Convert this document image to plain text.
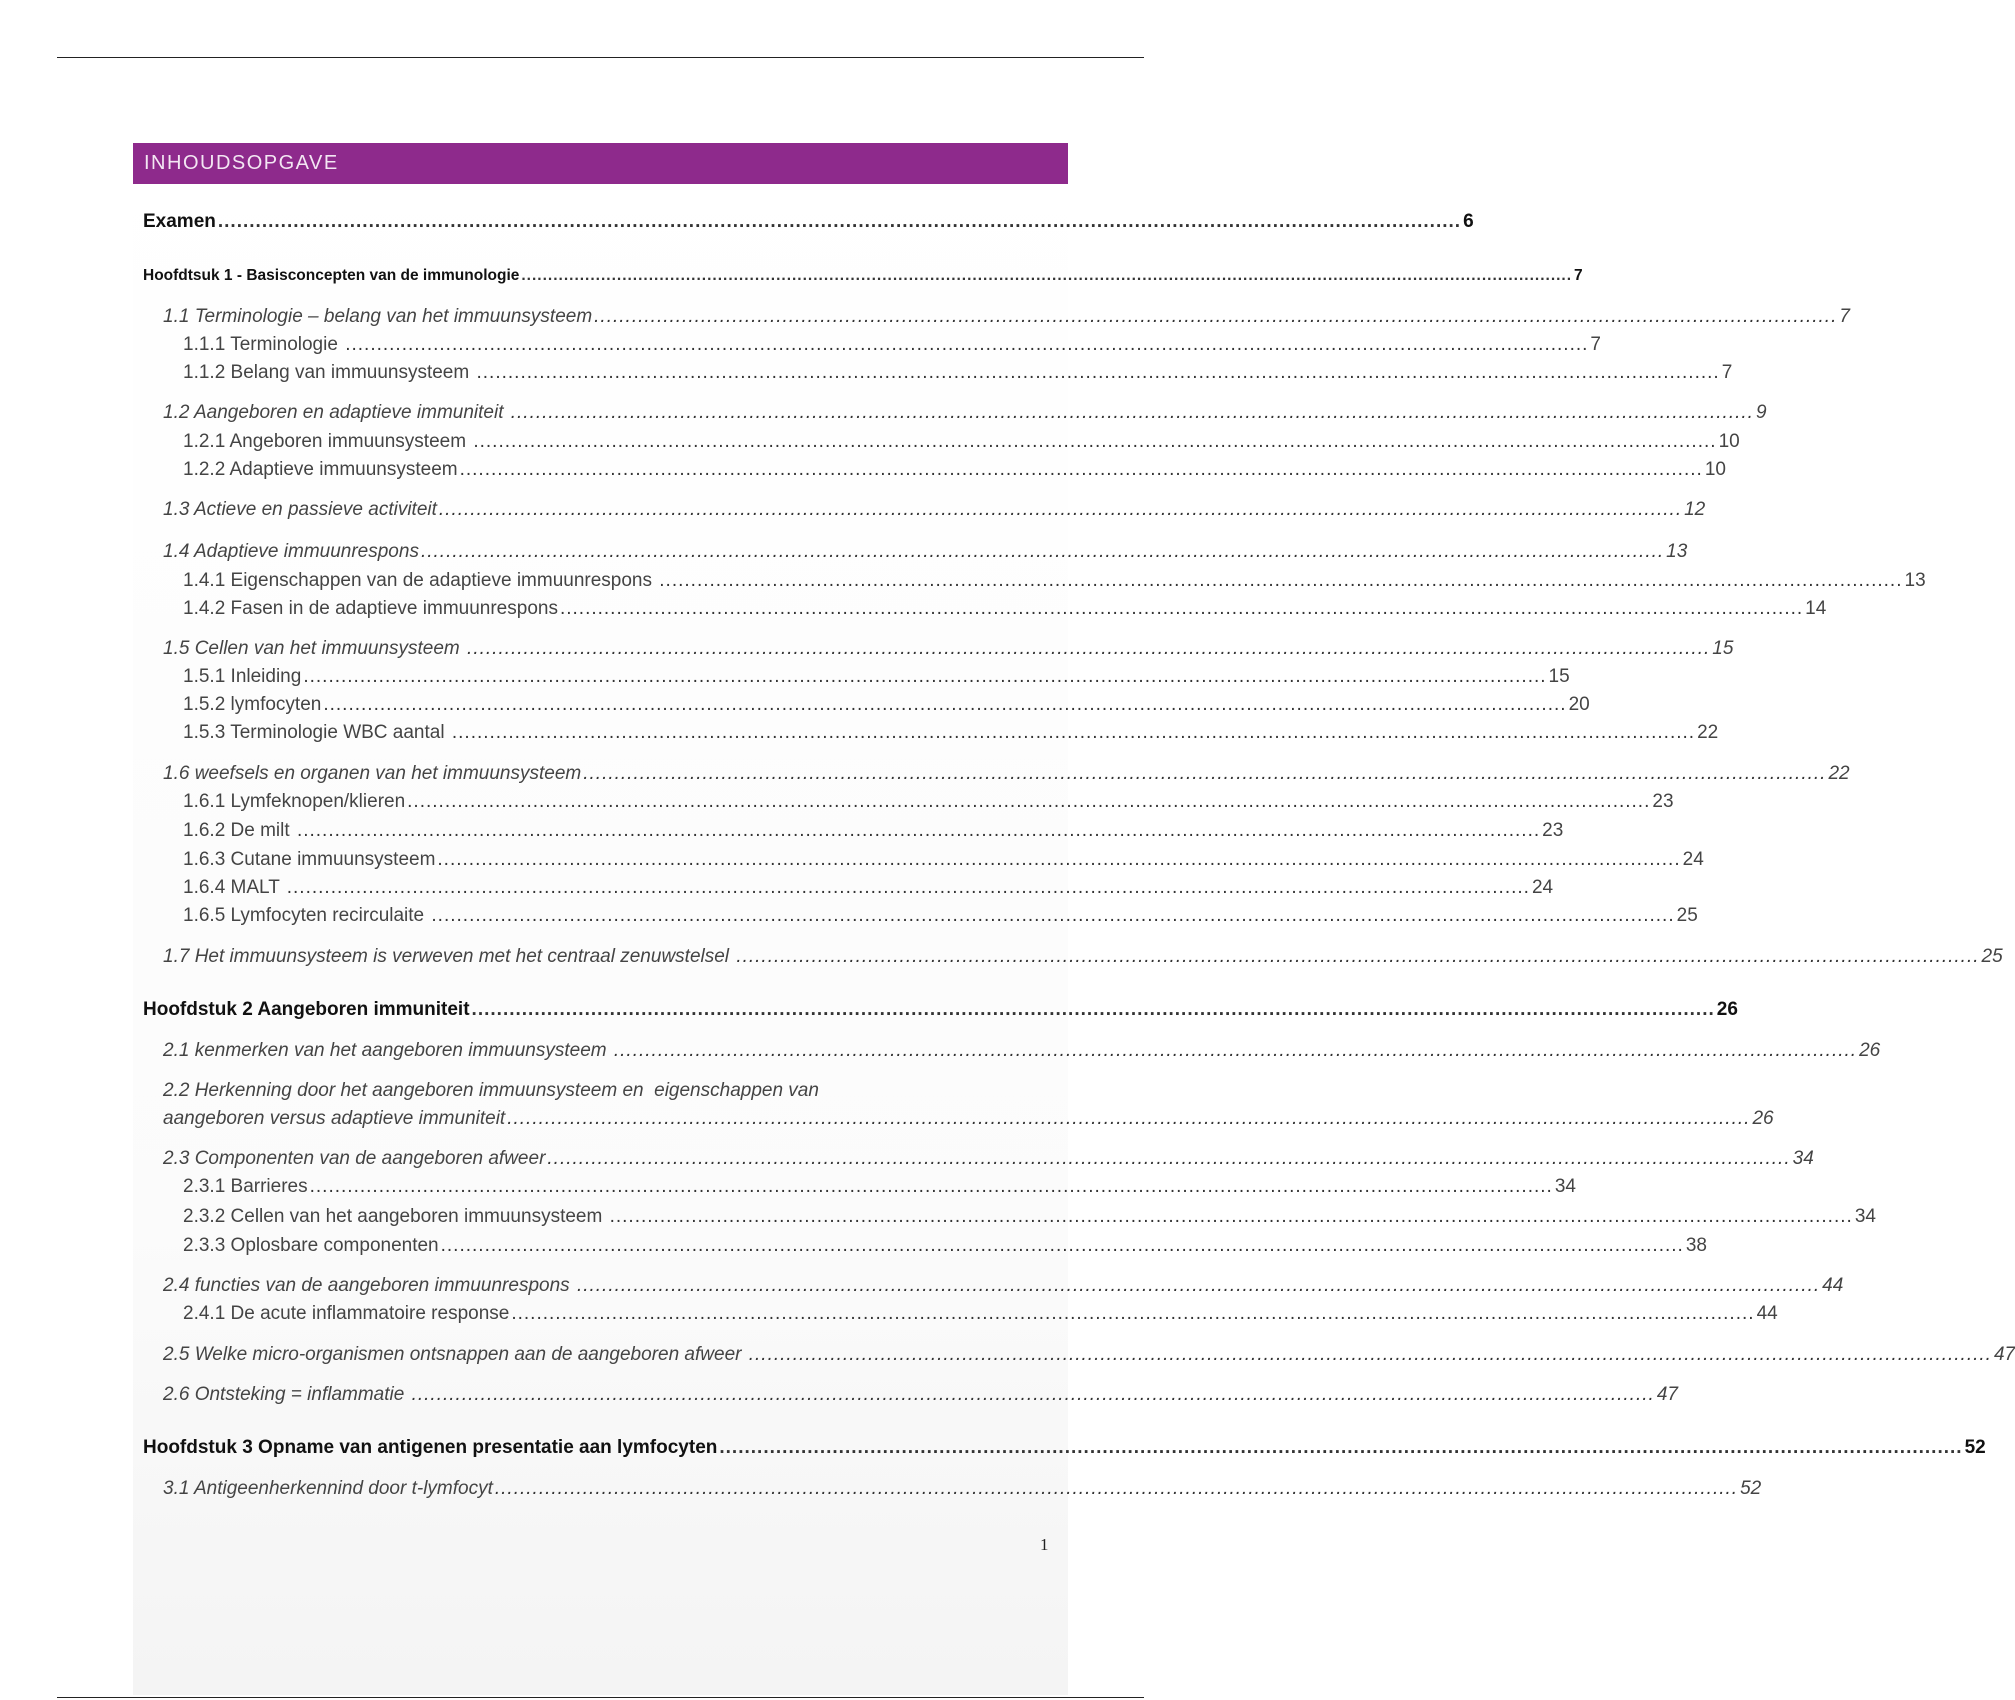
INHOUDSOPGAVE
Examen ...................................................................................................................................................................................................... 6
Hoofdtsuk 1 - Basisconcepten van de immunologie ...................................................................................................................................................................................................... 7
1.1 Terminologie – belang van het immuunsysteem ...................................................................................................................................................................................................... 7
1.1.1 Terminologie ...................................................................................................................................................................................................... 7
1.1.2 Belang van immuunsysteem ...................................................................................................................................................................................................... 7
1.2 Aangeboren en adaptieve immuniteit ...................................................................................................................................................................................................... 9
1.2.1 Angeboren immuunsysteem ...................................................................................................................................................................................................... 10
1.2.2 Adaptieve immuunsysteem ...................................................................................................................................................................................................... 10
1.3 Actieve en passieve activiteit ...................................................................................................................................................................................................... 12
1.4 Adaptieve immuunrespons ...................................................................................................................................................................................................... 13
1.4.1 Eigenschappen van de adaptieve immuunrespons ...................................................................................................................................................................................................... 13
1.4.2 Fasen in de adaptieve immuunrespons ...................................................................................................................................................................................................... 14
1.5 Cellen van het immuunsysteem ...................................................................................................................................................................................................... 15
1.5.1 Inleiding ...................................................................................................................................................................................................... 15
1.5.2 lymfocyten ...................................................................................................................................................................................................... 20
1.5.3 Terminologie WBC aantal ...................................................................................................................................................................................................... 22
1.6 weefsels en organen van het immuunsysteem ...................................................................................................................................................................................................... 22
1.6.1 Lymfeknopen/klieren ...................................................................................................................................................................................................... 23
1.6.2 De milt ...................................................................................................................................................................................................... 23
1.6.3 Cutane immuunsysteem ...................................................................................................................................................................................................... 24
1.6.4 MALT ...................................................................................................................................................................................................... 24
1.6.5 Lymfocyten recirculaite ...................................................................................................................................................................................................... 25
1.7 Het immuunsysteem is verweven met het centraal zenuwstelsel ...................................................................................................................................................................................................... 25
Hoofdstuk 2 Aangeboren immuniteit ...................................................................................................................................................................................................... 26
2.1 kenmerken van het aangeboren immuunsysteem ...................................................................................................................................................................................................... 26
2.2 Herkenning door het aangeboren immuunsysteem en  eigenschappen van
aangeboren versus adaptieve immuniteit ...................................................................................................................................................................................................... 26
2.3 Componenten van de aangeboren afweer ...................................................................................................................................................................................................... 34
2.3.1 Barrieres ...................................................................................................................................................................................................... 34
2.3.2 Cellen van het aangeboren immuunsysteem ...................................................................................................................................................................................................... 34
2.3.3 Oplosbare componenten ...................................................................................................................................................................................................... 38
2.4 functies van de aangeboren immuunrespons ...................................................................................................................................................................................................... 44
2.4.1 De acute inflammatoire response ...................................................................................................................................................................................................... 44
2.5 Welke micro-organismen ontsnappen aan de aangeboren afweer ...................................................................................................................................................................................................... 47
2.6 Ontsteking = inflammatie ...................................................................................................................................................................................................... 47
Hoofdstuk 3 Opname van antigenen presentatie aan lymfocyten ...................................................................................................................................................................................................... 52
3.1 Antigeenherkennind door t-lymfocyt ...................................................................................................................................................................................................... 52
1
